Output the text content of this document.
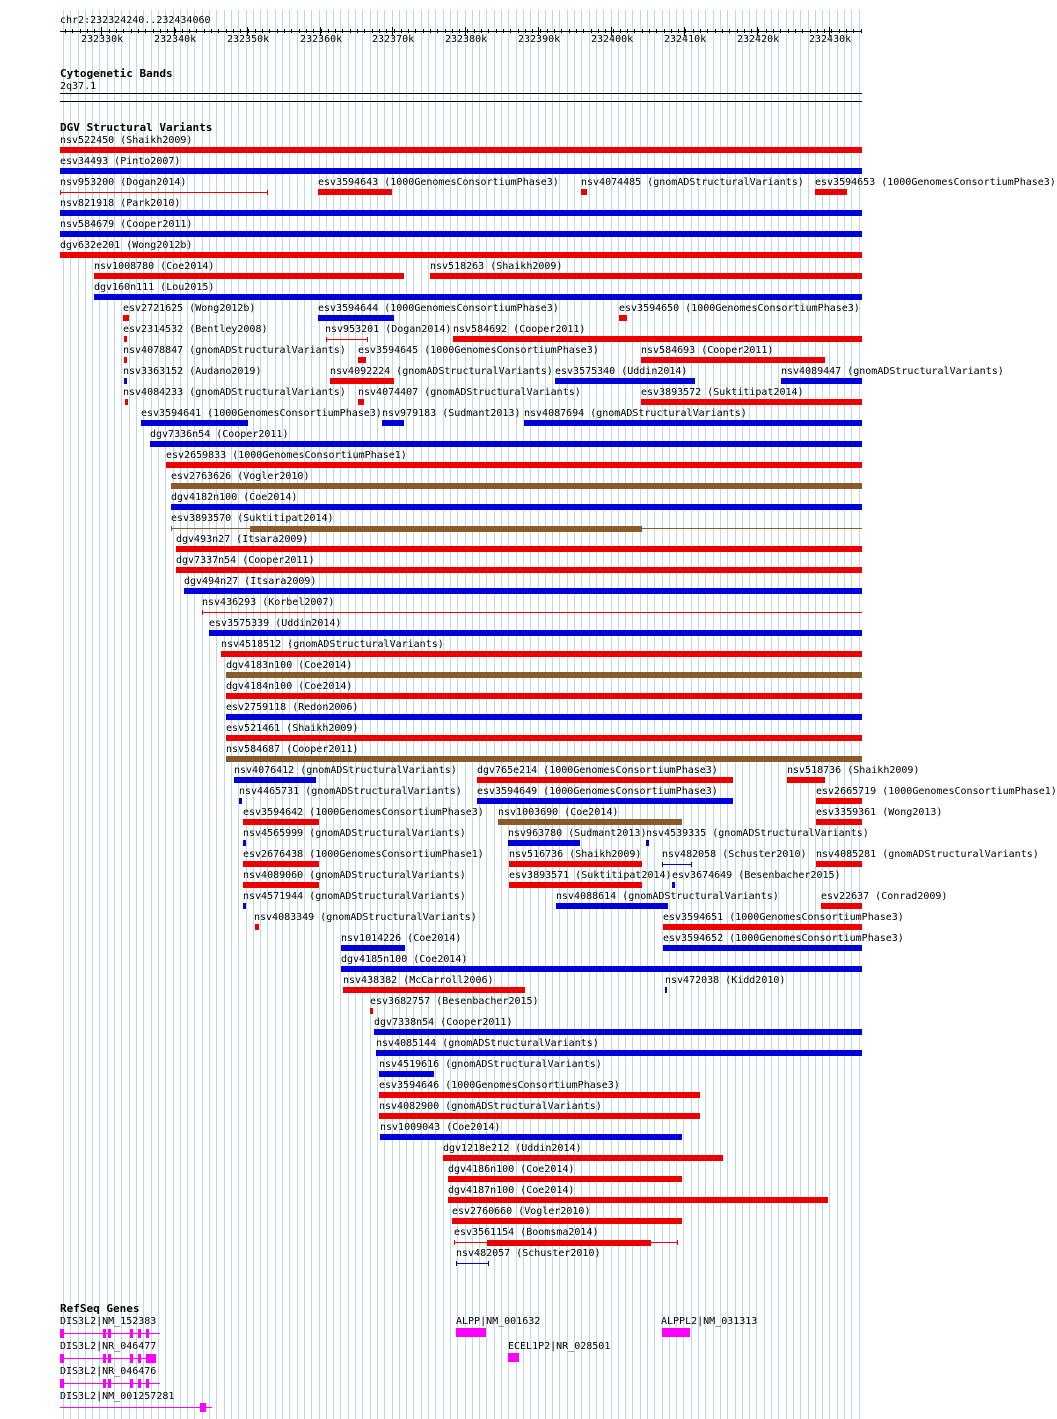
chr2:232324240..232434060
232330k	232340k	232350k	232360k	232370k	232380k	232390k	232400k	232410k	232420k	232430k
Cytogenetic Bands
2q37.1
DGV Structural Variants
nsv522450 (Shaikh2009)
esv34493 (Pinto2007)
nsv953200 (Dogan2014)	esv3594643 (1000GenomesConsortiumPhase3) nsv4074485 (gnomADStructuralVariants) esv3594653 (1000GenomesConsortiumPhase3)
nsv821918 (Park2010)
nsv584679 (Cooper2011)
dgv632e201 (Wong2012b)
nsv1008780 (Coe2014)	nsv518263 (Shaikh2009)
dgv160n111 (Lou2015)
esv2721625 (Wong2012b)	esv3594644 (1000GenomesConsortiumPhase3)	esv3594650 (1000GenomesConsortiumPhase3)
esv2314532 (Bentley2008)	nsv953201 (Dogan2014) nsv584692 (Cooper2011)
nsv4078847 (gnomADStructuralVariants) esv3594645 (1000GenomesConsortiumPhase3)	nsv584693 (Cooper2011)
nsv3363152 (Audano2019)	nsv4092224 (gnomADStructuralVariants) esv3575340 (Uddin2014)	nsv4089447 (gnomADStructuralVariants)
nsv4084233 (gnomADStructuralVariants) nsv4074407 (gnomADStructuralVariants)	esv3893572 (Suktitipat2014)
esv3594641 (1000GenomesConsortiumPhase3) nsv979183 (Sudmant2013) nsv4087694 (gnomADStructuralVariants)
dgv7336n54 (Cooper2011)
esv2659833 (1000GenomesConsortiumPhase1)
esv2763626 (Vogler2010)
dgv4182n100 (Coe2014)
esv3893570 (Suktitipat2014)
dgv493n27 (Itsara2009)
dgv7337n54 (Cooper2011)
dgv494n27 (Itsara2009)
nsv436293 (Korbel2007)
esv3575339 (Uddin2014)
nsv4518512 (gnomADStructuralVariants)
dgv4183n100 (Coe2014)
dgv4184n100 (Coe2014)
esv2759118 (Redon2006)
esv521461 (Shaikh2009)
nsv584687 (Cooper2011)
nsv4076412 (gnomADStructuralVariants) dgv765e214 (1000GenomesConsortiumPhase3)	nsv518736 (Shaikh2009)
nsv4465731 (gnomADStructuralVariants) esv3594649 (1000GenomesConsortiumPhase3)	esv2665719 (1000GenomesConsortiumPhase1)
esv3594642 (1000GenomesConsortiumPhase3) nsv1003690 (Coe2014)	esv3359361 (Wong2013)
nsv4565999 (gnomADStructuralVariants)	nsv963780 (Sudmant2013) nsv4539335 (gnomADStructuralVariants)
esv2676438 (1000GenomesConsortiumPhase1)	nsv516736 (Shaikh2009) nsv482058 (Schuster2010) nsv4085281 (gnomADStructuralVariants)
nsv4089060 (gnomADStructuralVariants)	esv3893571 (Suktitipat2014) esv3674649 (Besenbacher2015)
nsv4571944 (gnomADStructuralVariants)	nsv4088614 (gnomADStructuralVariants)	esv22637 (Conrad2009)
nsv4083349 (gnomADStructuralVariants)	esv3594651 (1000GenomesConsortiumPhase3)
nsv1014226 (Coe2014)	esv3594652 (1000GenomesConsortiumPhase3)
dgv4185n100 (Coe2014)
nsv438382 (McCarroll2006)	nsv472038 (Kidd2010)
esv3682757 (Besenbacher2015)
dgv7338n54 (Cooper2011)
nsv4085144 (gnomADStructuralVariants)
nsv4519616 (gnomADStructuralVariants)
esv3594646 (1000GenomesConsortiumPhase3)
nsv4082900 (gnomADStructuralVariants)
nsv1009043 (Coe2014)
dgv1218e212 (Uddin2014)
dgv4186n100 (Coe2014)
dgv4187n100 (Coe2014)
esv2760660 (Vogler2010)
esv3561154 (Boomsma2014)
nsv482057 (Schuster2010)
RefSeq Genes
DIS3L2|NM_152383
DIS3L2|NR_046477
DIS3L2|NR_046476
DIS3L2|NM_001257281
ALPP|NM_001632	ALPPL2|NM_031313
ECEL1P2|NR_028501
